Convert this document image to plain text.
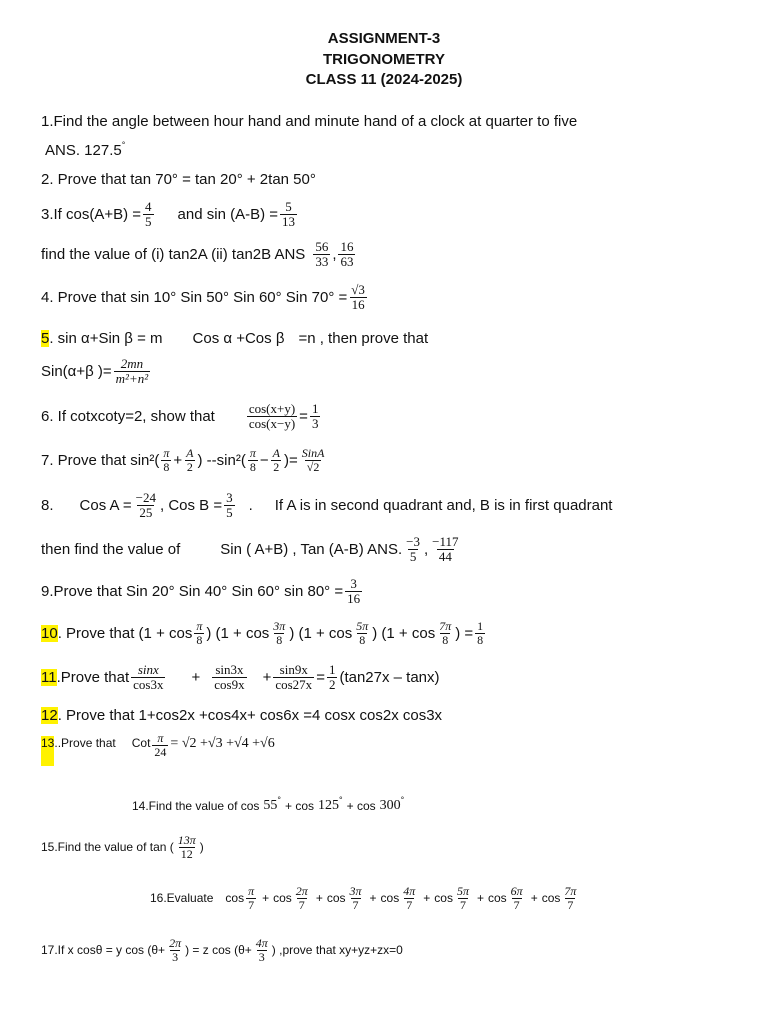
ASSIGNMENT-3
TRIGONOMETRY
CLASS 11 (2024-2025)
1.Find the angle between hour hand and minute hand of a clock at quarter to five
ANS. 127.5 °
2. Prove that tan 70° = tan 20° + 2tan 50°
3.If $\cos(A+B) = \frac{4}{5}$ and $\sin (A-B) = \frac{5}{13}$
find the value of (i) tan2A (ii) tan2B ANS 56
33 , 16
63
4. Prove that sin 10° Sin 50° Sin 60° Sin $70^\circ = \frac{√3}{16}$
5 . sin α+Sin β = m Cos α +Cos β =n , then prove that
Sin(α+β )= $\frac{2mn}{\text{m²+n²}}$
6. If cotxcoty=2, show that $\frac{\cos(x+y)}{\cos(x-y)} = \frac{1}{3}$
7. Prove that sin²( π
$8 + \frac{A}{2}$ ) --sin²( π
$8 - \frac{A}{2}$ )= SinA
√2
8. Cos $A = \frac{-24}{25}$ , Cos $B = \frac{3}{5}$ . If A is in second quadrant and, B is in first quadrant
then find the value of	Sin ( A+B) , Tan (A-B) ANS. −3
5 , −117
44
9.Prove that Sin 20° Sin 40° Sin 60° $\sin 80^\circ = \frac{3}{16}$
10 . Prove that (1 + cos π
8 ) (1 + cos 3π
8 ) (1 + cos 5π
8 ) (1 + cos 7π
8 ) = $\frac{1}{8}$
11 .Prove that sinx
cos3x + sin3x
$\cos 9x + \frac{\sin 9x}{\cos 27x} = \frac{1}{2} (\tan 27x - \tan x)$
12 . Prove that 1+cos2x +cos4x+ cos6x =4 cosx cos2x cos3x
13 ..Prove that Cot $\frac{\pi}{24} = √2 +√3 +√4 +√6$
14.Find the value of cos 55 ° + cos 125 ° + cos 300 °
15.Find the value of tan (
13π
12 )
16.Evaluate cos
π
7 + cos
2π
7 + cos
3π
7 + cos
4π
7 + cos
5π
7 + cos
6π
7 + cos
7π
7
17.If x cosθ = y $\cos (\theta+ \frac{2\pi}{3}$ ) = z $\cos (\theta+ \frac{4\pi}{3}$ ) ,prove that xy+yz+zx=0
